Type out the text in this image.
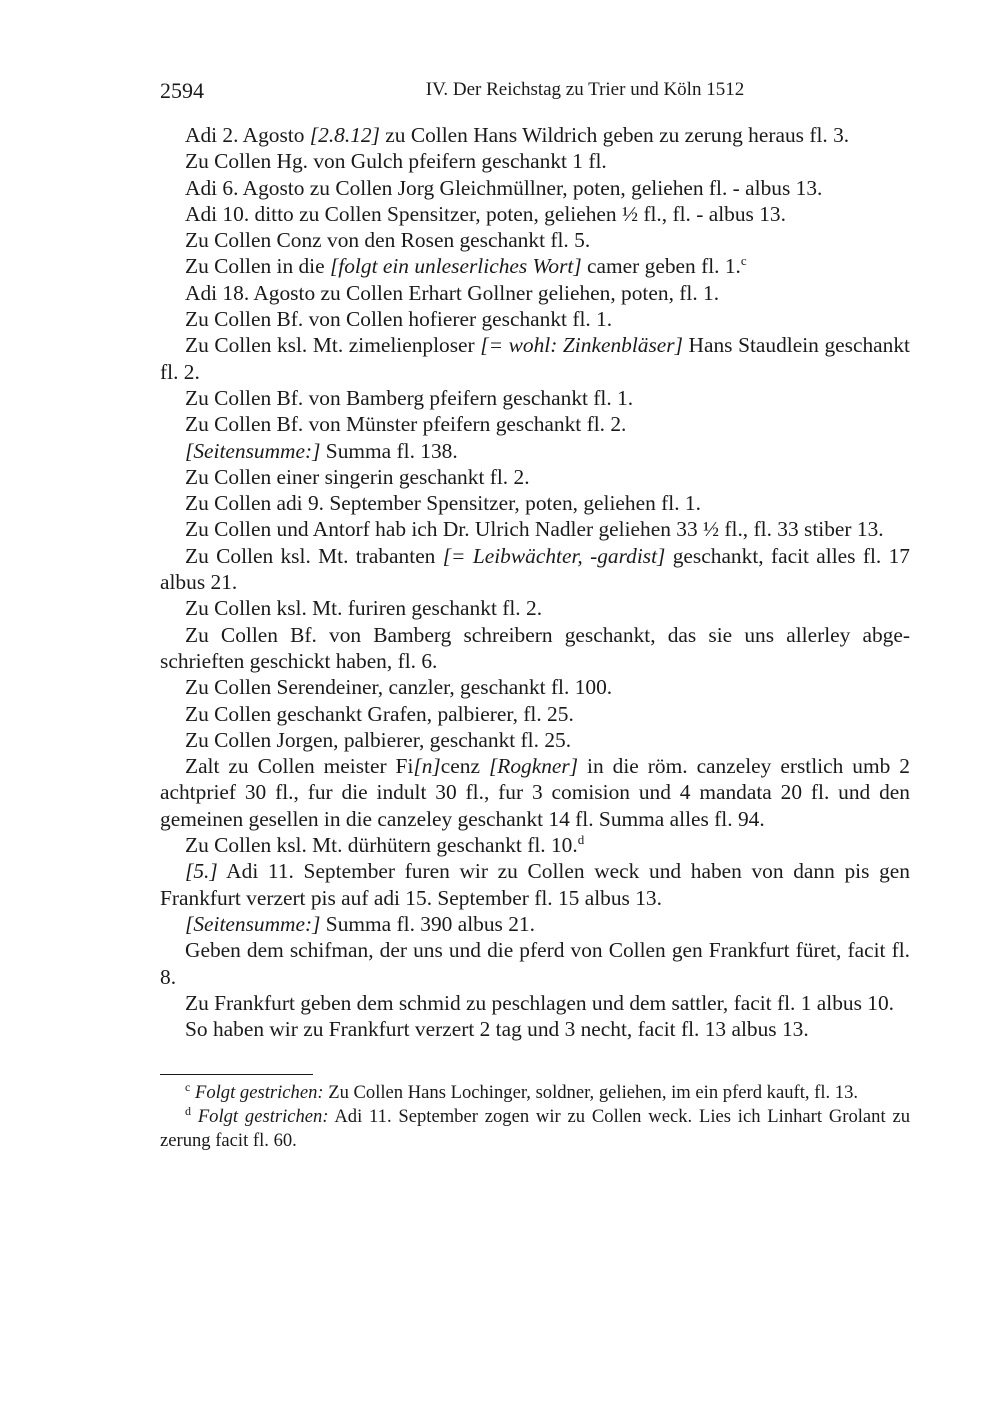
2594	IV. Der Reichstag zu Trier und Köln 1512

Adi 2. Agosto [2.8.12] zu Collen Hans Wildrich geben zu zerung heraus fl. 3.

Zu Collen Hg. von Gulch pfeifern geschankt 1 fl.

Adi 6. Agosto zu Collen Jorg Gleichmüllner, poten, geliehen fl. - albus 13.

Adi 10. ditto zu Collen Spensitzer, poten, geliehen ½ fl., fl. - albus 13.

Zu Collen Conz von den Rosen geschankt fl. 5.

Zu Collen in die [folgt ein unleserliches Wort] camer geben fl. 1.$^c$

Adi 18. Agosto zu Collen Erhart Gollner geliehen, poten, fl. 1.

Zu Collen Bf. von Collen hofierer geschankt fl. 1.

Zu Collen ksl. Mt. zimelienploser [= wohl: Zinkenbläser] Hans Staudlein geschankt fl. 2.

Zu Collen Bf. von Bamberg pfeifern geschankt fl. 1.

Zu Collen Bf. von Münster pfeifern geschankt fl. 2.

[Seitensumme:] Summa fl. 138.

Zu Collen einer singerin geschankt fl. 2.

Zu Collen adi 9. September Spensitzer, poten, geliehen fl. 1.

Zu Collen und Antorf hab ich Dr. Ulrich Nadler geliehen 33 ½ fl., fl. 33 stiber 13.

Zu Collen ksl. Mt. trabanten [= Leibwächter, -gardist] geschankt, facit alles fl. 17 albus 21.

Zu Collen ksl. Mt. furiren geschankt fl. 2.

Zu Collen Bf. von Bamberg schreibern geschankt, das sie uns allerley abgeschrieften geschickt haben, fl. 6.

Zu Collen Serendeiner, canzler, geschankt fl. 100.

Zu Collen geschankt Grafen, palbierer, fl. 25.

Zu Collen Jorgen, palbierer, geschankt fl. 25.

Zalt zu Collen meister Fi[n]cenz [Rogkner] in die röm. canzeley erstlich umb 2 achtprief 30 fl., fur die indult 30 fl., fur 3 comision und 4 mandata 20 fl. und den gemeinen gesellen in die canzeley geschankt 14 fl. Summa alles fl. 94.

Zu Collen ksl. Mt. dürhütern geschankt fl. 10.$^d$

[5.] Adi 11. September furen wir zu Collen weck und haben von dann pis gen Frankfurt verzert pis auf adi 15. September fl. 15 albus 13.

[Seitensumme:] Summa fl. 390 albus 21.

Geben dem schifman, der uns und die pferd von Collen gen Frankfurt füret, facit fl. 8.

Zu Frankfurt geben dem schmid zu peschlagen und dem sattler, facit fl. 1 albus 10.

So haben wir zu Frankfurt verzert 2 tag und 3 necht, facit fl. 13 albus 13.

$^c$ Folgt gestrichen: Zu Collen Hans Lochinger, soldner, geliehen, im ein pferd kauft, fl. 13.

$^d$ Folgt gestrichen: Adi 11. September zogen wir zu Collen weck. Lies ich Linhart Grolant zu zerung facit fl. 60.
